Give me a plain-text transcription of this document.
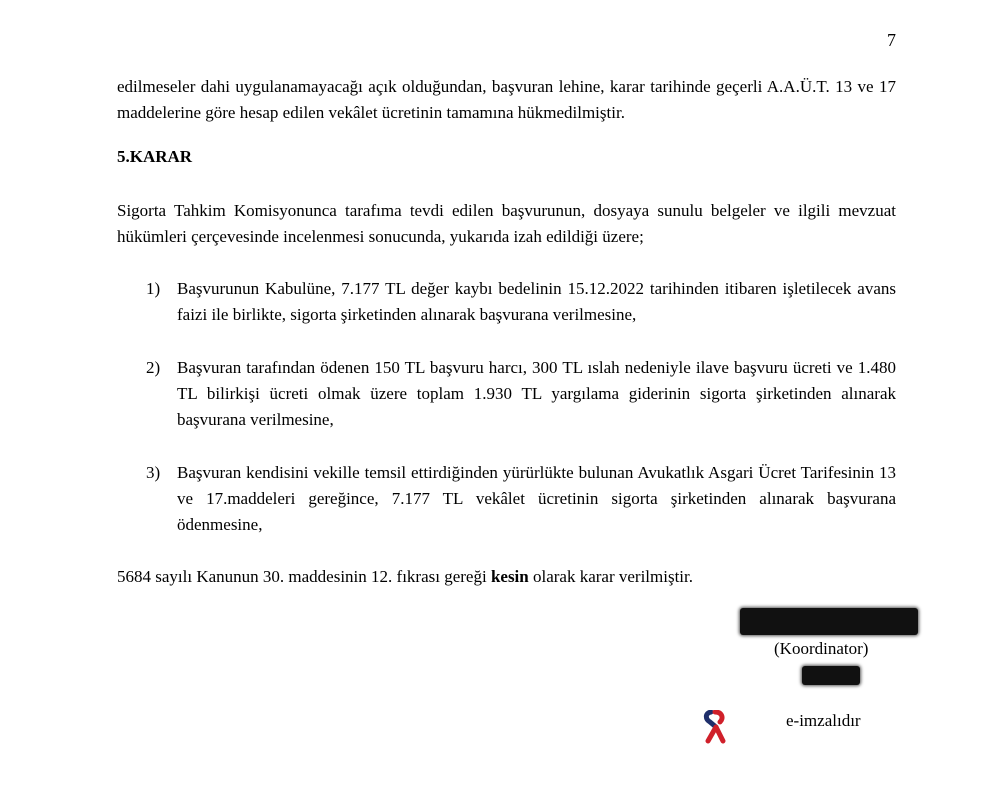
7

edilmeseler dahi uygulanamayacağı açık olduğundan, başvuran lehine, karar tarihinde geçerli A.A.Ü.T. 13 ve 17 maddelerine göre hesap edilen vekâlet ücretinin tamamına hükmedilmiştir.

5.KARAR

Sigorta Tahkim Komisyonunca tarafıma tevdi edilen başvurunun, dosyaya sunulu belgeler ve ilgili mevzuat hükümleri çerçevesinde incelenmesi sonucunda, yukarıda izah edildiği üzere;

1) Başvurunun Kabulüne, 7.177 TL değer kaybı bedelinin 15.12.2022 tarihinden itibaren işletilecek avans faizi ile birlikte, sigorta şirketinden alınarak başvurana verilmesine,
2) Başvuran tarafından ödenen 150 TL başvuru harcı, 300 TL ıslah nedeniyle ilave başvuru ücreti ve 1.480 TL bilirkişi ücreti olmak üzere toplam 1.930 TL yargılama giderinin sigorta şirketinden alınarak başvurana verilmesine,
3) Başvuran kendisini vekille temsil ettirdiğinden yürürlükte bulunan Avukatlık Asgari Ücret Tarifesinin 13 ve 17.maddeleri gereğince, 7.177 TL vekâlet ücretinin sigorta şirketinden alınarak başvurana ödenmesine,

5684 sayılı Kanunun 30. maddesinin 12. fıkrası gereği kesin olarak karar verilmiştir.

(Koordinator)
e-imzalıdır
